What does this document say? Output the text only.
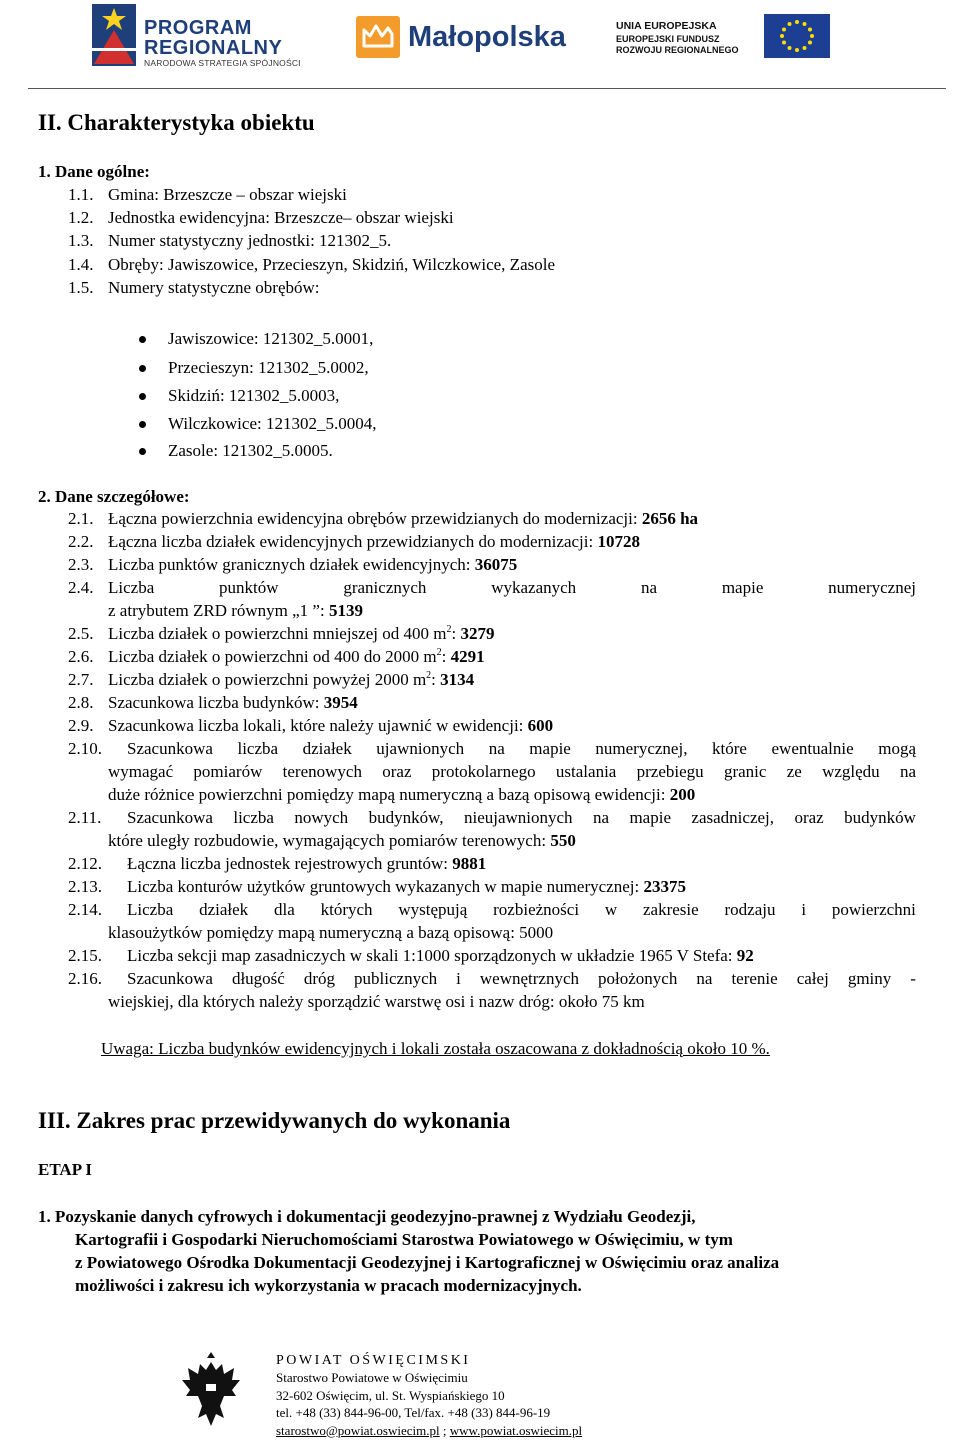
PROGRAM
REGIONALNY
NARODOWA STRATEGIA SPÓJNOŚCI
Małopolska	UNIA EUROPEJSKA
EUROPEJSKI FUNDUSZ
ROZWOJU REGIONALNEGO
II. Charakterystyka obiektu
1. Dane ogólne:
1.1. Gmina: Brzeszcze – obszar wiejski
1.2. Jednostka ewidencyjna: Brzeszcze– obszar wiejski
1.3. Numer statystyczny jednostki: 121302_5.
1.4. Obręby: Jawiszowice, Przecieszyn, Skidziń, Wilczkowice, Zasole
1.5. Numery statystyczne obrębów:
Jawiszowice: 121302_5.0001,
Przecieszyn: 121302_5.0002,
Skidziń: 121302_5.0003,
Wilczkowice: 121302_5.0004,
Zasole: 121302_5.0005.
2. Dane szczegółowe:
2.1. Łączna powierzchnia ewidencyjna obrębów przewidzianych do modernizacji: 2656 ha
2.2. Łączna liczba działek ewidencyjnych przewidzianych do modernizacji: 10728
2.3. Liczba punktów granicznych działek ewidencyjnych: 36075
2.4. Liczba	punktów	granicznych	wykazanych	na	mapie	numerycznej
z atrybutem ZRD równym „1 ”: 5139
2.5. Liczba działek o powierzchni mniejszej od 400 $m^2$: 3279
2.6. Liczba działek o powierzchni od 400 do 2000 $m^2$: 4291
2.7. Liczba działek o powierzchni powyżej 2000 $m^2$: 3134
2.8. Szacunkowa liczba budynków: 3954
2.9. Szacunkowa liczba lokali, które należy ujawnić w ewidencji: 600
2.10. Szacunkowa liczba działek ujawnionych na mapie numerycznej, które ewentualnie mogą
wymagać pomiarów terenowych oraz protokolarnego ustalania przebiegu granic ze względu na
duże różnice powierzchni pomiędzy mapą numeryczną a bazą opisową ewidencji: 200
2.11. Szacunkowa liczba nowych budynków, nieujawnionych na mapie zasadniczej, oraz budynków
które uległy rozbudowie, wymagających pomiarów terenowych: 550
2.12. Łączna liczba jednostek rejestrowych gruntów: 9881
2.13. Liczba konturów użytków gruntowych wykazanych w mapie numerycznej: 23375
2.14. Liczba działek dla których występują rozbieżności w zakresie rodzaju i powierzchni
klasoużytków pomiędzy mapą numeryczną a bazą opisową: 5000
2.15. Liczba sekcji map zasadniczych w skali 1:1000 sporządzonych w układzie 1965 V Stefa: 92
2.16. Szacunkowa długość dróg publicznych i wewnętrznych położonych na terenie całej gminy -
wiejskiej, dla których należy sporządzić warstwę osi i nazw dróg: około 75 km
Uwaga: Liczba budynków ewidencyjnych i lokali została oszacowana z dokładnością około 10 %.
III. Zakres prac przewidywanych do wykonania
ETAP I
1. Pozyskanie danych cyfrowych i dokumentacji geodezyjno-prawnej z Wydziału Geodezji,
Kartografii i Gospodarki Nieruchomościami Starostwa Powiatowego w Oświęcimiu, w tym
z Powiatowego Ośrodka Dokumentacji Geodezyjnej i Kartograficznej w Oświęcimiu oraz analiza
możliwości i zakresu ich wykorzystania w pracach modernizacyjnych.
POWIAT OŚWIĘCIMSKI
Starostwo Powiatowe w Oświęcimiu
32-602 Oświęcim, ul. St. Wyspiańskiego 10
tel. +48 (33) 844-96-00, Tel/fax. +48 (33) 844-96-19
starostwo@powiat.oswiecim.pl ; www.powiat.oswiecim.pl
